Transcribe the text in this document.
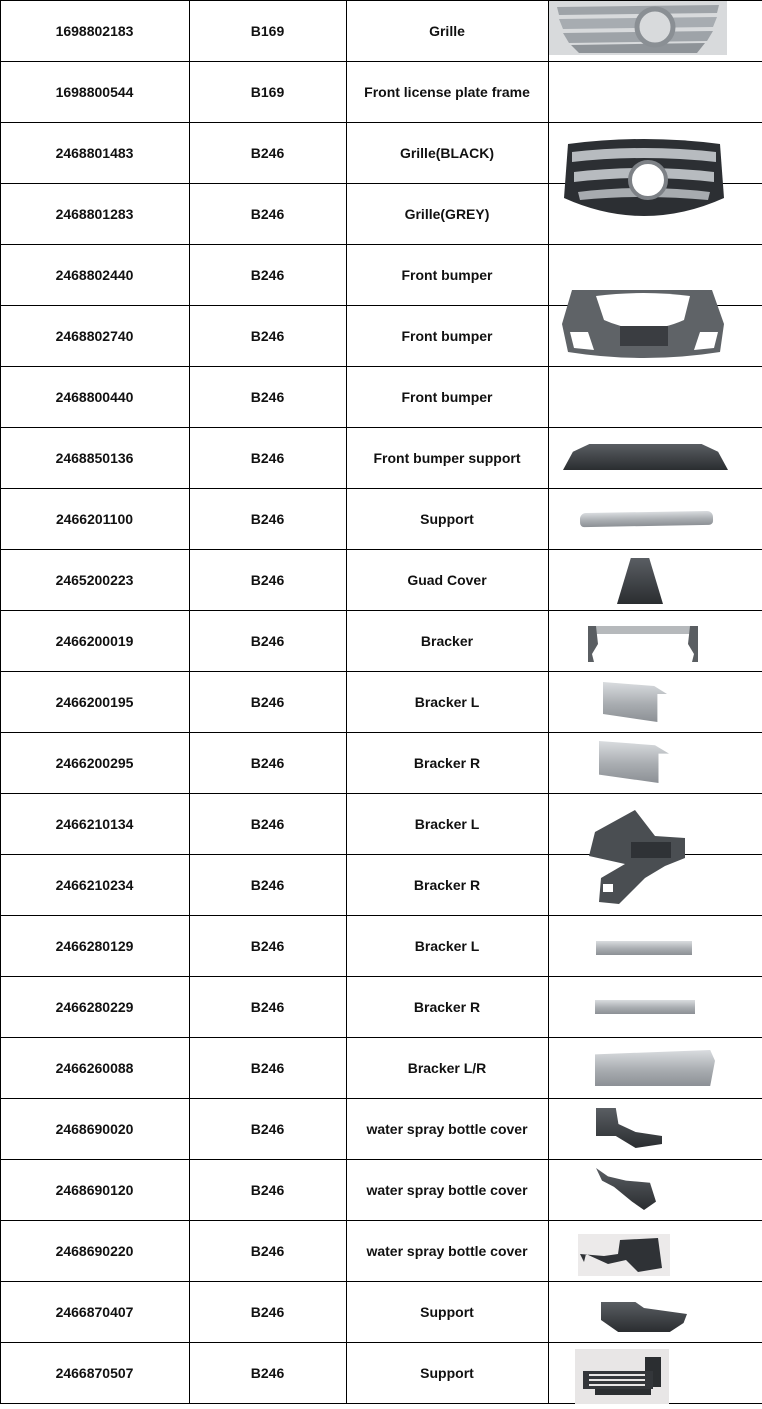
1698802183	B169	Grille
1698800544	B169	Front license plate frame
2468801483	B246	Grille(BLACK)
2468801283	B246	Grille(GREY)
2468802440	B246	Front bumper
2468802740	B246	Front bumper
2468800440	B246	Front bumper
2468850136	B246	Front bumper support
2466201100	B246	Support
2465200223	B246	Guad Cover
2466200019	B246	Bracker
2466200195	B246	Bracker L
2466200295	B246	Bracker R
2466210134	B246	Bracker L
2466210234	B246	Bracker R
2466280129	B246	Bracker L
2466280229	B246	Bracker R
2466260088	B246	Bracker L/R
2468690020	B246	water spray bottle cover
2468690120	B246	water spray bottle cover
2468690220	B246	water spray bottle cover
2466870407	B246	Support
2466870507	B246	Support
